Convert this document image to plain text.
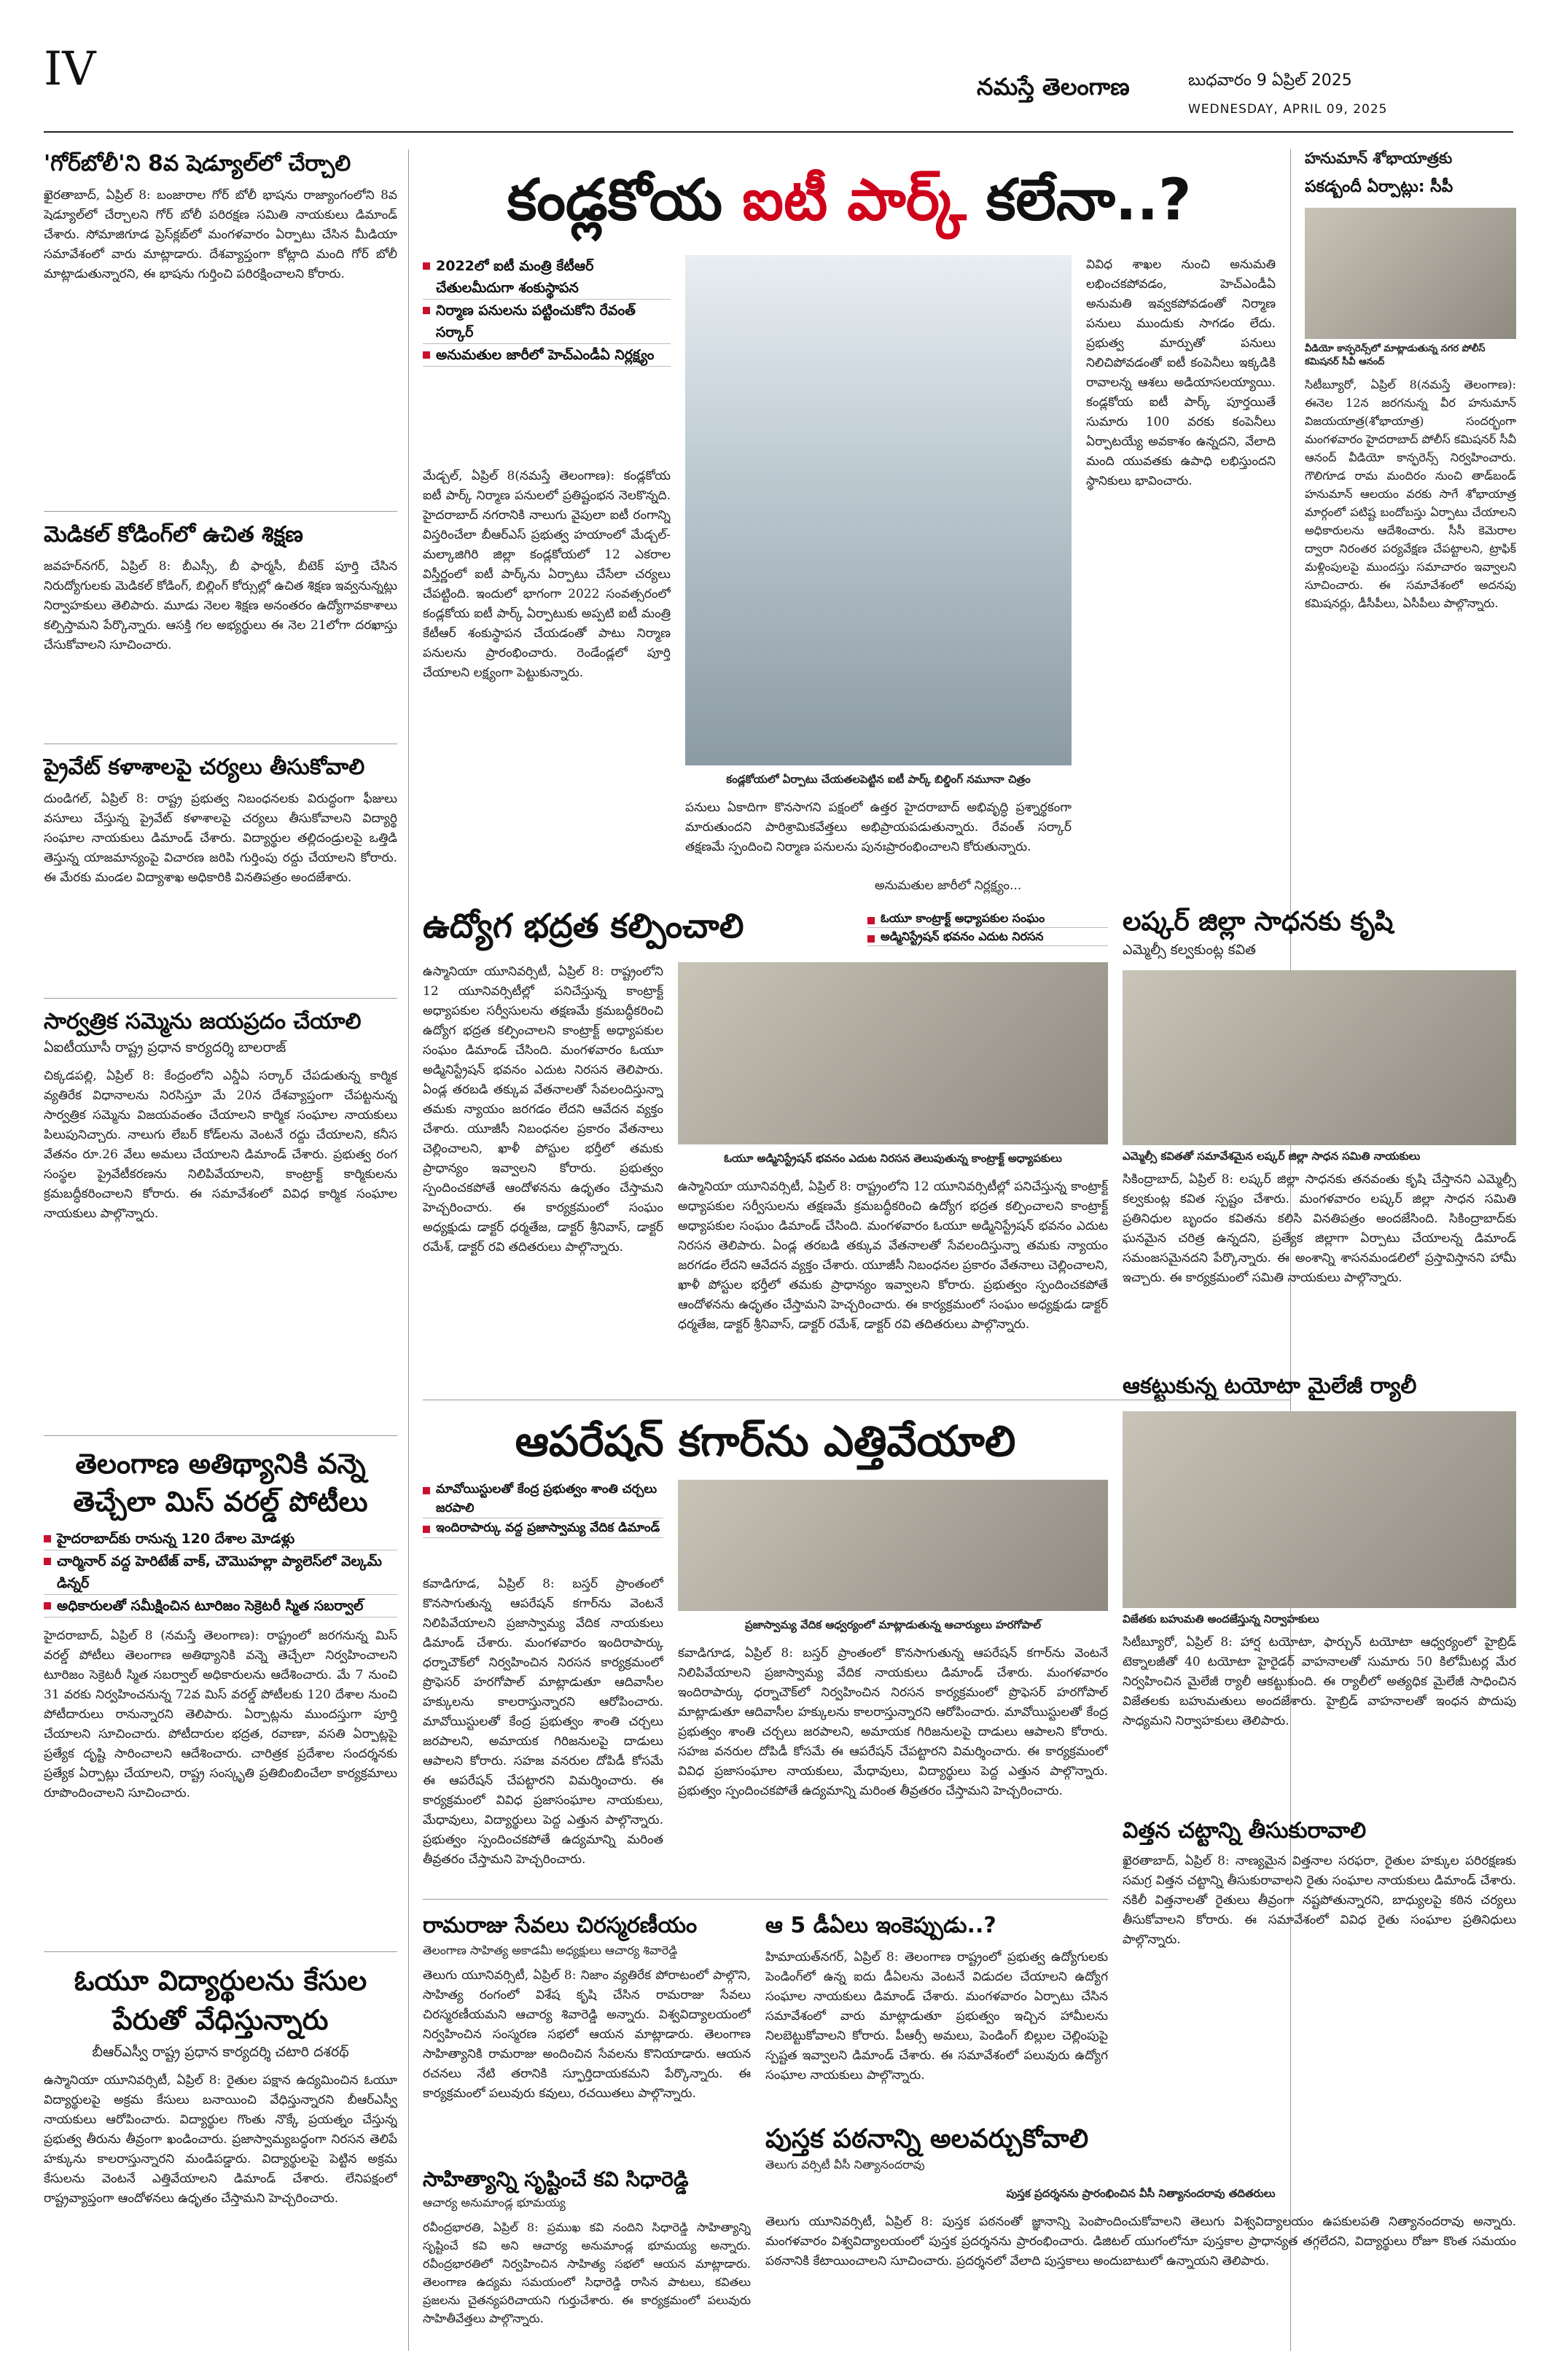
IV	నమస్తే తెలంగాణ	బుధవారం 9 ఏప్రిల్ 2025
WEDNESDAY, APRIL 09, 2025
'గోర్‌బోలీ'ని 8వ షెడ్యూల్‌లో చేర్చాలి
ఖైరతాబాద్, ఏప్రిల్ 8: బంజారాల గోర్ బోలీ భాషను రాజ్యాంగంలోని 8వ షెడ్యూల్‌లో చేర్చాలని గోర్ బోలీ పరిరక్షణ సమితి నాయకులు డిమాండ్ చేశారు. సోమాజిగూడ ప్రెస్‌క్లబ్‌లో మంగళవారం ఏర్పాటు చేసిన మీడియా సమావేశంలో వారు మాట్లాడారు. దేశవ్యాప్తంగా కోట్లాది మంది గోర్ బోలీ మాట్లాడుతున్నారని, ఈ భాషను గుర్తించి పరిరక్షించాలని కోరారు.
మెడికల్ కోడింగ్‌లో ఉచిత శిక్షణ
జవహర్‌నగర్, ఏప్రిల్ 8: బీఎస్సీ, బీ ఫార్మసీ, బీటెక్ పూర్తి చేసిన నిరుద్యోగులకు మెడికల్ కోడింగ్, బిల్లింగ్ కోర్సుల్లో ఉచిత శిక్షణ ఇవ్వనున్నట్లు నిర్వాహకులు తెలిపారు. మూడు నెలల శిక్షణ అనంతరం ఉద్యోగావకాశాలు కల్పిస్తామని పేర్కొన్నారు. ఆసక్తి గల అభ్యర్థులు ఈ నెల 21లోగా దరఖాస్తు చేసుకోవాలని సూచించారు.
ప్రైవేట్ కళాశాలపై చర్యలు తీసుకోవాలి
దుండిగల్, ఏప్రిల్ 8: రాష్ట్ర ప్రభుత్వ నిబంధనలకు విరుద్ధంగా ఫీజులు వసూలు చేస్తున్న ప్రైవేట్ కళాశాలపై చర్యలు తీసుకోవాలని విద్యార్థి సంఘాల నాయకులు డిమాండ్ చేశారు. విద్యార్థుల తల్లిదండ్రులపై ఒత్తిడి తెస్తున్న యాజమాన్యంపై విచారణ జరిపి గుర్తింపు రద్దు చేయాలని కోరారు. ఈ మేరకు మండల విద్యాశాఖ అధికారికి వినతిపత్రం అందజేశారు.
సార్వత్రిక సమ్మెను జయప్రదం చేయాలి
ఏఐటీయూసీ రాష్ట్ర ప్రధాన కార్యదర్శి బాలరాజ్
చిక్కడపల్లి, ఏప్రిల్ 8: కేంద్రంలోని ఎన్డీఏ సర్కార్ చేపడుతున్న కార్మిక వ్యతిరేక విధానాలను నిరసిస్తూ మే 20న దేశవ్యాప్తంగా చేపట్టనున్న సార్వత్రిక సమ్మెను విజయవంతం చేయాలని కార్మిక సంఘాల నాయకులు పిలుపునిచ్చారు. నాలుగు లేబర్ కోడ్‌లను వెంటనే రద్దు చేయాలని, కనీస వేతనం రూ.26 వేలు అమలు చేయాలని డిమాండ్ చేశారు. ప్రభుత్వ రంగ సంస్థల ప్రైవేటీకరణను నిలిపివేయాలని, కాంట్రాక్ట్ కార్మికులను క్రమబద్ధీకరించాలని కోరారు. ఈ సమావేశంలో వివిధ కార్మిక సంఘాల నాయకులు పాల్గొన్నారు.
తెలంగాణ అతిథ్యానికి వన్నె తెచ్చేలా మిస్ వరల్డ్ పోటీలు
హైదరాబాద్‌కు రానున్న 120 దేశాల మోడళ్లు
చార్మినార్ వద్ద హెరిటేజ్ వాక్, చౌమొహల్లా ప్యాలెస్‌లో వెల్కమ్ డిన్నర్
అధికారులతో సమీక్షించిన టూరిజం సెక్రెటరీ స్మిత సబర్వాల్
హైదరాబాద్, ఏప్రిల్ 8 (నమస్తే తెలంగాణ): రాష్ట్రంలో జరగనున్న మిస్ వరల్డ్ పోటీలు తెలంగాణ అతిథ్యానికి వన్నె తెచ్చేలా నిర్వహించాలని టూరిజం సెక్రెటరీ స్మిత సబర్వాల్ అధికారులను ఆదేశించారు. మే 7 నుంచి 31 వరకు నిర్వహించనున్న 72వ మిస్ వరల్డ్ పోటీలకు 120 దేశాల నుంచి పోటీదారులు రానున్నారని తెలిపారు. ఏర్పాట్లను ముందస్తుగా పూర్తి చేయాలని సూచించారు. పోటీదారుల భద్రత, రవాణా, వసతి ఏర్పాట్లపై ప్రత్యేక దృష్టి సారించాలని ఆదేశించారు. చారిత్రక ప్రదేశాల సందర్శనకు ప్రత్యేక ఏర్పాట్లు చేయాలని, రాష్ట్ర సంస్కృతి ప్రతిబింబించేలా కార్యక్రమాలు రూపొందించాలని సూచించారు.
ఓయూ విద్యార్థులను కేసుల పేరుతో వేధిస్తున్నారు
బీఆర్ఎస్వీ రాష్ట్ర ప్రధాన కార్యదర్శి చటారి దశరథ్
ఉస్మానియా యూనివర్సిటీ, ఏప్రిల్ 8: రైతుల పక్షాన ఉద్యమించిన ఓయూ విద్యార్థులపై అక్రమ కేసులు బనాయించి వేధిస్తున్నారని బీఆర్ఎస్వీ నాయకులు ఆరోపించారు. విద్యార్థుల గొంతు నొక్కే ప్రయత్నం చేస్తున్న ప్రభుత్వ తీరును తీవ్రంగా ఖండించారు. ప్రజాస్వామ్యబద్ధంగా నిరసన తెలిపే హక్కును కాలరాస్తున్నారని మండిపడ్డారు. విద్యార్థులపై పెట్టిన అక్రమ కేసులను వెంటనే ఎత్తివేయాలని డిమాండ్ చేశారు. లేనిపక్షంలో రాష్ట్రవ్యాప్తంగా ఆందోళనలు ఉధృతం చేస్తామని హెచ్చరించారు.
కండ్లకోయ ఐటీ పార్క్ కలేనా..?
2022లో ఐటీ మంత్రి కేటీఆర్ చేతులమీదుగా శంకుస్థాపన
నిర్మాణ పనులను పట్టించుకోని రేవంత్ సర్కార్
అనుమతుల జారీలో హెచ్‌ఎండీఏ నిర్లక్ష్యం
మేడ్చల్, ఏప్రిల్ 8(నమస్తే తెలంగాణ): కండ్లకోయ ఐటీ పార్క్ నిర్మాణ పనులలో ప్రతిష్టంభన నెలకొన్నది. హైదరాబాద్ నగరానికి నాలుగు వైపులా ఐటీ రంగాన్ని విస్తరించేలా బీఆర్ఎస్ ప్రభుత్వ హయాంలో మేడ్చల్-మల్కాజిగిరి జిల్లా కండ్లకోయలో 12 ఎకరాల విస్తీర్ణంలో ఐటీ పార్క్‌ను ఏర్పాటు చేసేలా చర్యలు చేపట్టింది. ఇందులో భాగంగా 2022 సంవత్సరంలో కండ్లకోయ ఐటీ పార్క్ ఏర్పాటుకు అప్పటి ఐటీ మంత్రి కేటీఆర్ శంకుస్థాపన చేయడంతో పాటు నిర్మాణ పనులను ప్రారంభించారు. రెండేండ్లలో పూర్తి చేయాలని లక్ష్యంగా పెట్టుకున్నారు.
కండ్లకోయలో ఏర్పాటు చేయతలపెట్టిన ఐటీ పార్క్ బిల్డింగ్ నమూనా చిత్రం
పనులు ఏకాదిగా కొనసాగని పక్షంలో ఉత్తర హైదరాబాద్ అభివృద్ధి ప్రశ్నార్థకంగా మారుతుందని పారిశ్రామికవేత్తలు అభిప్రాయపడుతున్నారు. రేవంత్ సర్కార్ తక్షణమే స్పందించి నిర్మాణ పనులను పునఃప్రారంభించాలని కోరుతున్నారు.
అనుమతుల జారీలో నిర్లక్ష్యం...
వివిధ శాఖల నుంచి అనుమతి లభించకపోవడం, హెచ్‌ఎండీఏ అనుమతి ఇవ్వకపోవడంతో నిర్మాణ పనులు ముందుకు సాగడం లేదు. ప్రభుత్వ మార్పుతో పనులు నిలిచిపోవడంతో ఐటీ కంపెనీలు ఇక్కడికి రావాలన్న ఆశలు అడియాసలయ్యాయి. కండ్లకోయ ఐటీ పార్క్ పూర్తయితే సుమారు 100 వరకు కంపెనీలు ఏర్పాటయ్యే అవకాశం ఉన్నదని, వేలాది మంది యువతకు ఉపాధి లభిస్తుందని స్థానికులు భావించారు.
హనుమాన్ శోభాయాత్రకు
పకడ్బందీ ఏర్పాట్లు: సీపీ
వీడియో కాన్ఫరెన్స్‌లో మాట్లాడుతున్న నగర పోలీస్ కమిషనర్ సీవీ ఆనంద్
సిటీబ్యూరో, ఏప్రిల్ 8(నమస్తే తెలంగాణ): ఈనెల 12న జరగనున్న వీర హనుమాన్ విజయయాత్ర(శోభాయాత్ర) సందర్భంగా మంగళవారం హైదరాబాద్ పోలీస్ కమిషనర్ సీవీ ఆనంద్ వీడియో కాన్ఫరెన్స్ నిర్వహించారు. గౌలిగూడ రామ మందిరం నుంచి తాడ్‌బండ్ హనుమాన్ ఆలయం వరకు సాగే శోభాయాత్ర మార్గంలో పటిష్ట బందోబస్తు ఏర్పాటు చేయాలని అధికారులను ఆదేశించారు. సీసీ కెమెరాల ద్వారా నిరంతర పర్యవేక్షణ చేపట్టాలని, ట్రాఫిక్ మళ్లింపులపై ముందస్తు సమాచారం ఇవ్వాలని సూచించారు. ఈ సమావేశంలో అదనపు కమిషనర్లు, డీసీపీలు, ఏసీపీలు పాల్గొన్నారు.
లష్కర్ జిల్లా సాధనకు కృషి
ఎమ్మెల్సీ కల్వకుంట్ల కవిత
ఎమ్మెల్సీ కవితతో సమావేశమైన లష్కర్ జిల్లా సాధన సమితి నాయకులు
సికింద్రాబాద్, ఏప్రిల్ 8: లష్కర్ జిల్లా సాధనకు తనవంతు కృషి చేస్తానని ఎమ్మెల్సీ కల్వకుంట్ల కవిత స్పష్టం చేశారు. మంగళవారం లష్కర్ జిల్లా సాధన సమితి ప్రతినిధుల బృందం కవితను కలిసి వినతిపత్రం అందజేసింది. సికింద్రాబాద్‌కు ఘనమైన చరిత్ర ఉన్నదని, ప్రత్యేక జిల్లాగా ఏర్పాటు చేయాలన్న డిమాండ్ సమంజసమైనదని పేర్కొన్నారు. ఈ అంశాన్ని శాసనమండలిలో ప్రస్తావిస్తానని హామీ ఇచ్చారు. ఈ కార్యక్రమంలో సమితి నాయకులు పాల్గొన్నారు.
ఆకట్టుకున్న టయోటా మైలేజీ ర్యాలీ
విజేతకు బహుమతి అందజేస్తున్న నిర్వాహకులు
సిటీబ్యూరో, ఏప్రిల్ 8: హార్ష టయోటా, ఫార్చున్ టయోటా ఆధ్వర్యంలో హైబ్రిడ్ టెక్నాలజీతో 40 టయోటా హైరైడర్ వాహనాలతో సుమారు 50 కిలోమీటర్ల మేర నిర్వహించిన మైలేజీ ర్యాలీ ఆకట్టుకుంది. ఈ ర్యాలీలో అత్యధిక మైలేజీ సాధించిన విజేతలకు బహుమతులు అందజేశారు. హైబ్రిడ్ వాహనాలతో ఇంధన పొదుపు సాధ్యమని నిర్వాహకులు తెలిపారు.
విత్తన చట్టాన్ని తీసుకురావాలి
ఖైరతాబాద్, ఏప్రిల్ 8: నాణ్యమైన విత్తనాల సరఫరా, రైతుల హక్కుల పరిరక్షణకు సమగ్ర విత్తన చట్టాన్ని తీసుకురావాలని రైతు సంఘాల నాయకులు డిమాండ్ చేశారు. నకిలీ విత్తనాలతో రైతులు తీవ్రంగా నష్టపోతున్నారని, బాధ్యులపై కఠిన చర్యలు తీసుకోవాలని కోరారు. ఈ సమావేశంలో వివిధ రైతు సంఘాల ప్రతినిధులు పాల్గొన్నారు.
ఉద్యోగ భద్రత కల్పించాలి	ఓయూ కాంట్రాక్ట్ అధ్యాపకుల సంఘం
అడ్మినిస్ట్రేషన్ భవనం ఎదుట నిరసన
ఉస్మానియా యూనివర్సిటీ, ఏప్రిల్ 8: రాష్ట్రంలోని 12 యూనివర్సిటీల్లో పనిచేస్తున్న కాంట్రాక్ట్ అధ్యాపకుల సర్వీసులను తక్షణమే క్రమబద్ధీకరించి ఉద్యోగ భద్రత కల్పించాలని కాంట్రాక్ట్ అధ్యాపకుల సంఘం డిమాండ్ చేసింది. మంగళవారం ఓయూ అడ్మినిస్ట్రేషన్ భవనం ఎదుట నిరసన తెలిపారు. ఏండ్ల తరబడి తక్కువ వేతనాలతో సేవలందిస్తున్నా తమకు న్యాయం జరగడం లేదని ఆవేదన వ్యక్తం చేశారు. యూజీసీ నిబంధనల ప్రకారం వేతనాలు చెల్లించాలని, ఖాళీ పోస్టుల భర్తీలో తమకు ప్రాధాన్యం ఇవ్వాలని కోరారు. ప్రభుత్వం స్పందించకపోతే ఆందోళనను ఉధృతం చేస్తామని హెచ్చరించారు. ఈ కార్యక్రమంలో సంఘం అధ్యక్షుడు డాక్టర్ ధర్మతేజ, డాక్టర్ శ్రీనివాస్, డాక్టర్ రమేశ్, డాక్టర్ రవి తదితరులు పాల్గొన్నారు.
ఓయూ అడ్మినిస్ట్రేషన్ భవనం ఎదుట నిరసన తెలుపుతున్న కాంట్రాక్ట్ అధ్యాపకులు
ఉస్మానియా యూనివర్సిటీ, ఏప్రిల్ 8: రాష్ట్రంలోని 12 యూనివర్సిటీల్లో పనిచేస్తున్న కాంట్రాక్ట్ అధ్యాపకుల సర్వీసులను తక్షణమే క్రమబద్ధీకరించి ఉద్యోగ భద్రత కల్పించాలని కాంట్రాక్ట్ అధ్యాపకుల సంఘం డిమాండ్ చేసింది. మంగళవారం ఓయూ అడ్మినిస్ట్రేషన్ భవనం ఎదుట నిరసన తెలిపారు. ఏండ్ల తరబడి తక్కువ వేతనాలతో సేవలందిస్తున్నా తమకు న్యాయం జరగడం లేదని ఆవేదన వ్యక్తం చేశారు. యూజీసీ నిబంధనల ప్రకారం వేతనాలు చెల్లించాలని, ఖాళీ పోస్టుల భర్తీలో తమకు ప్రాధాన్యం ఇవ్వాలని కోరారు. ప్రభుత్వం స్పందించకపోతే ఆందోళనను ఉధృతం చేస్తామని హెచ్చరించారు. ఈ కార్యక్రమంలో సంఘం అధ్యక్షుడు డాక్టర్ ధర్మతేజ, డాక్టర్ శ్రీనివాస్, డాక్టర్ రమేశ్, డాక్టర్ రవి తదితరులు పాల్గొన్నారు.
ఆపరేషన్ కగార్‌ను ఎత్తివేయాలి
మావోయిస్టులతో కేంద్ర ప్రభుత్వం శాంతి చర్చలు జరపాలి
ఇందిరాపార్కు వద్ద ప్రజాస్వామ్య వేదిక డిమాండ్
కవాడిగూడ, ఏప్రిల్ 8: బస్తర్ ప్రాంతంలో కొనసాగుతున్న ఆపరేషన్ కగార్‌ను వెంటనే నిలిపివేయాలని ప్రజాస్వామ్య వేదిక నాయకులు డిమాండ్ చేశారు. మంగళవారం ఇందిరాపార్కు ధర్నాచౌక్‌లో నిర్వహించిన నిరసన కార్యక్రమంలో ప్రొఫెసర్ హరగోపాల్ మాట్లాడుతూ ఆదివాసీల హక్కులను కాలరాస్తున్నారని ఆరోపించారు. మావోయిస్టులతో కేంద్ర ప్రభుత్వం శాంతి చర్చలు జరపాలని, అమాయక గిరిజనులపై దాడులు ఆపాలని కోరారు. సహజ వనరుల దోపిడీ కోసమే ఈ ఆపరేషన్ చేపట్టారని విమర్శించారు. ఈ కార్యక్రమంలో వివిధ ప్రజాసంఘాల నాయకులు, మేధావులు, విద్యార్థులు పెద్ద ఎత్తున పాల్గొన్నారు. ప్రభుత్వం స్పందించకపోతే ఉద్యమాన్ని మరింత తీవ్రతరం చేస్తామని హెచ్చరించారు.
ప్రజాస్వామ్య వేదిక ఆధ్వర్యంలో మాట్లాడుతున్న ఆచార్యులు హరగోపాల్
కవాడిగూడ, ఏప్రిల్ 8: బస్తర్ ప్రాంతంలో కొనసాగుతున్న ఆపరేషన్ కగార్‌ను వెంటనే నిలిపివేయాలని ప్రజాస్వామ్య వేదిక నాయకులు డిమాండ్ చేశారు. మంగళవారం ఇందిరాపార్కు ధర్నాచౌక్‌లో నిర్వహించిన నిరసన కార్యక్రమంలో ప్రొఫెసర్ హరగోపాల్ మాట్లాడుతూ ఆదివాసీల హక్కులను కాలరాస్తున్నారని ఆరోపించారు. మావోయిస్టులతో కేంద్ర ప్రభుత్వం శాంతి చర్చలు జరపాలని, అమాయక గిరిజనులపై దాడులు ఆపాలని కోరారు. సహజ వనరుల దోపిడీ కోసమే ఈ ఆపరేషన్ చేపట్టారని విమర్శించారు. ఈ కార్యక్రమంలో వివిధ ప్రజాసంఘాల నాయకులు, మేధావులు, విద్యార్థులు పెద్ద ఎత్తున పాల్గొన్నారు. ప్రభుత్వం స్పందించకపోతే ఉద్యమాన్ని మరింత తీవ్రతరం చేస్తామని హెచ్చరించారు.
రామరాజు సేవలు చిరస్మరణీయం
తెలంగాణ సాహిత్య అకాడమీ అధ్యక్షులు ఆచార్య శివారెడ్డి
తెలుగు యూనివర్సిటీ, ఏప్రిల్ 8: నిజాం వ్యతిరేక పోరాటంలో పాల్గొని, సాహిత్య రంగంలో విశేష కృషి చేసిన రామరాజు సేవలు చిరస్మరణీయమని ఆచార్య శివారెడ్డి అన్నారు. విశ్వవిద్యాలయంలో నిర్వహించిన సంస్మరణ సభలో ఆయన మాట్లాడారు. తెలంగాణ సాహిత్యానికి రామరాజు అందించిన సేవలను కొనియాడారు. ఆయన రచనలు నేటి తరానికి స్ఫూర్తిదాయకమని పేర్కొన్నారు. ఈ కార్యక్రమంలో పలువురు కవులు, రచయితలు పాల్గొన్నారు.
ఆ 5 డీఏలు ఇంకెప్పుడు..?
హిమాయత్‌నగర్, ఏప్రిల్ 8: తెలంగాణ రాష్ట్రంలో ప్రభుత్వ ఉద్యోగులకు పెండింగ్‌లో ఉన్న ఐదు డీఏలను వెంటనే విడుదల చేయాలని ఉద్యోగ సంఘాల నాయకులు డిమాండ్ చేశారు. మంగళవారం ఏర్పాటు చేసిన సమావేశంలో వారు మాట్లాడుతూ ప్రభుత్వం ఇచ్చిన హామీలను నిలబెట్టుకోవాలని కోరారు. పీఆర్సీ అమలు, పెండింగ్ బిల్లుల చెల్లింపుపై స్పష్టత ఇవ్వాలని డిమాండ్ చేశారు. ఈ సమావేశంలో పలువురు ఉద్యోగ సంఘాల నాయకులు పాల్గొన్నారు.
సాహిత్యాన్ని సృష్టించే కవి సిధారెడ్డి
ఆచార్య అనుమాండ్ల భూమయ్య
రవీంద్రభారతి, ఏప్రిల్ 8: ప్రముఖ కవి నందిని సిధారెడ్డి సాహిత్యాన్ని సృష్టించే కవి అని ఆచార్య అనుమాండ్ల భూమయ్య అన్నారు. రవీంద్రభారతిలో నిర్వహించిన సాహిత్య సభలో ఆయన మాట్లాడారు. తెలంగాణ ఉద్యమ సమయంలో సిధారెడ్డి రాసిన పాటలు, కవితలు ప్రజలను చైతన్యపరిచాయని గుర్తుచేశారు. ఈ కార్యక్రమంలో పలువురు సాహితీవేత్తలు పాల్గొన్నారు.
పుస్తక పఠనాన్ని అలవర్చుకోవాలి
తెలుగు వర్సిటీ వీసీ నిత్యానందరావు
పుస్తక ప్రదర్శనను ప్రారంభించిన వీసీ నిత్యానందరావు తదితరులు
తెలుగు యూనివర్సిటీ, ఏప్రిల్ 8: పుస్తక పఠనంతో జ్ఞానాన్ని పెంపొందించుకోవాలని తెలుగు విశ్వవిద్యాలయం ఉపకులపతి నిత్యానందరావు అన్నారు. మంగళవారం విశ్వవిద్యాలయంలో పుస్తక ప్రదర్శనను ప్రారంభించారు. డిజిటల్ యుగంలోనూ పుస్తకాల ప్రాధాన్యత తగ్గలేదని, విద్యార్థులు రోజూ కొంత సమయం పఠనానికి కేటాయించాలని సూచించారు. ప్రదర్శనలో వేలాది పుస్తకాలు అందుబాటులో ఉన్నాయని తెలిపారు.
